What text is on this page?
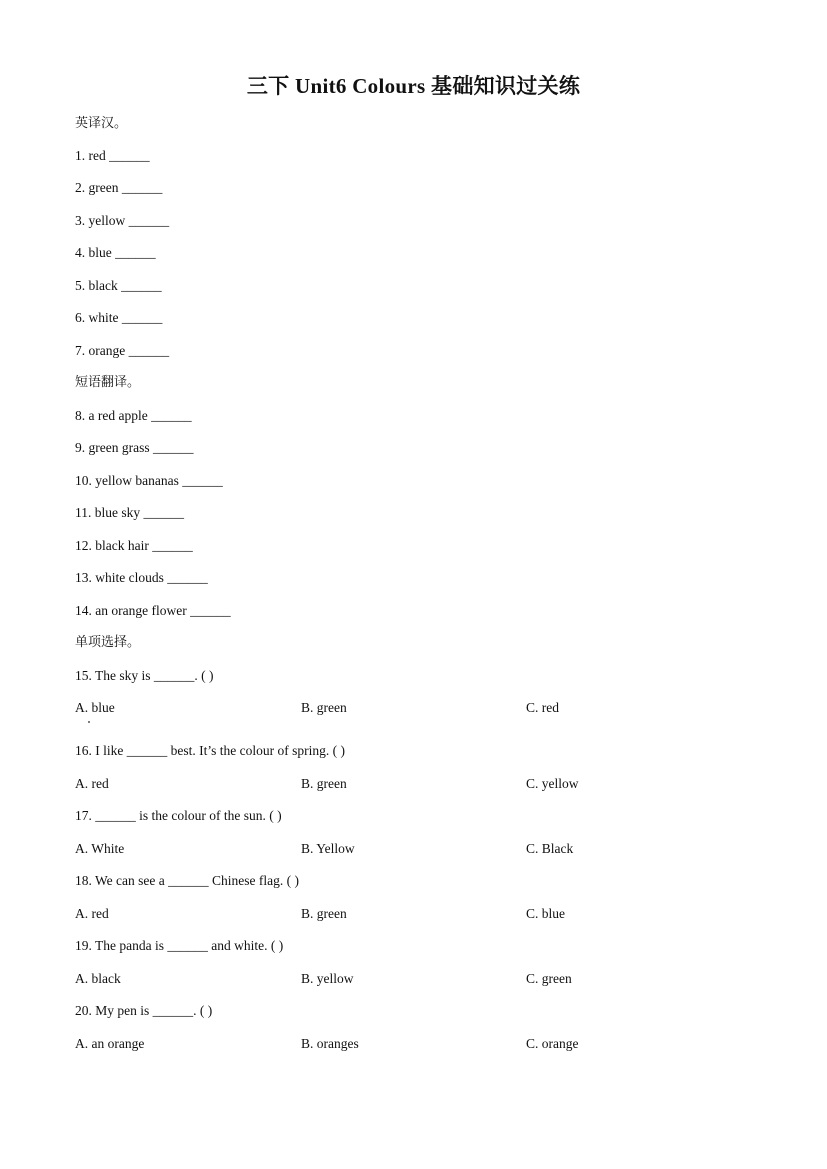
三下 Unit6 Colours 基础知识过关练
英译汉。
1. red ______
2. green ______
3. yellow ______
4. blue ______
5. black ______
6. white ______
7. orange ______
短语翻译。
8. a red apple ______
9. green grass ______
10. yellow bananas ______
11. blue sky ______
12. black hair ______
13. white clouds ______
14. an orange flower ______
单项选择。
15. The sky is ______. ( )
A. blue	B. green	C. red
16. I like ______ best. It’s the colour of spring. ( )
A. red	B. green	C. yellow
17. ______ is the colour of the sun. ( )
A. White	B. Yellow	C. Black
18. We can see a ______ Chinese flag. ( )
A. red	B. green	C. blue
19. The panda is ______ and white. ( )
A. black	B. yellow	C. green
20. My pen is ______. ( )
A. an orange	B. oranges	C. orange
